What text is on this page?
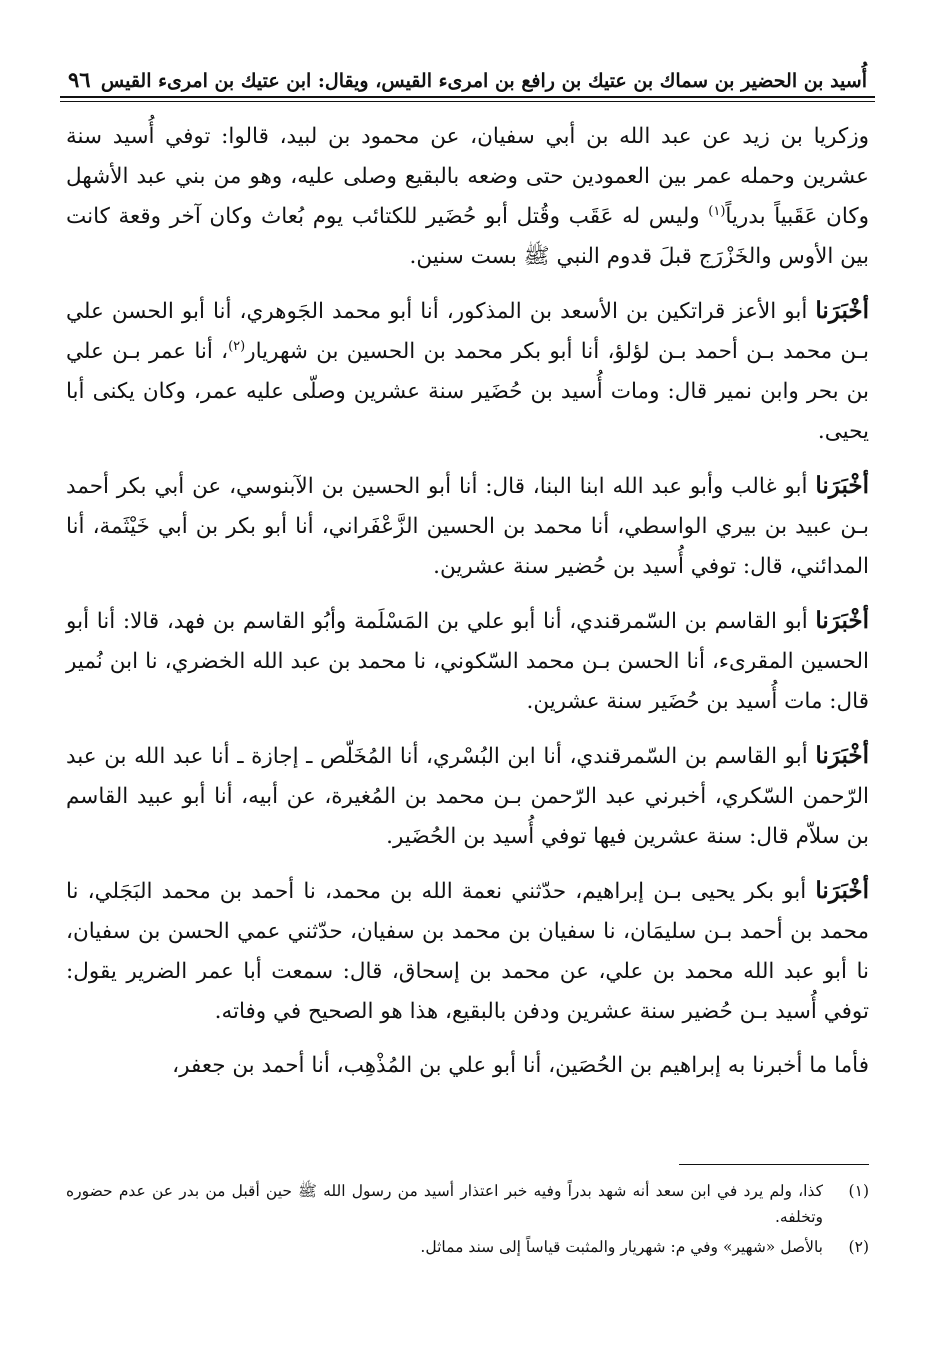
أُسيد بن الحضير بن سماك بن عتيك بن رافع بن امرىء القيس، ويقال: ابن عتيك بن امرىء القيس
٩٦

وزكريا بن زيد عن عبد الله بن أبي سفيان، عن محمود بن لبيد، قالوا: توفي أُسيد سنة عشرين وحمله عمر بين العمودين حتى وضعه بالبقيع وصلى عليه، وهو من بني عبد الأشهل وكان عَقَبياً بدرياً$^{(١)}$ وليس له عَقَب وقُتل أبو حُضَير للكتائب يوم بُعاث وكان آخر وقعة كانت بين الأوس والخَزْرَج قبلَ قدوم النبي ﷺ بست سنين.

أخْبَرَنا أبو الأعز قراتكين بن الأسعد بن المذكور، أنا أبو محمد الجَوهري، أنا أبو الحسن علي بـن محمد بـن أحمد بـن لؤلؤ، أنا أبو بكر محمد بن الحسين بن شهريار$^{(٢)}$، أنا عمر بـن علي بن بحر وابن نمير قال: ومات أُسيد بن حُضَير سنة عشرين وصلّى عليه عمر، وكان يكنى أبا يحيى.

أخْبَرَنا أبو غالب وأبو عبد الله ابنا البنا، قال: أنا أبو الحسين بن الآبنوسي، عن أبي بكر أحمد بـن عبيد بن بيري الواسطي، أنا محمد بن الحسين الزَّعْفَراني، أنا أبو بكر بن أبي خَيْثَمة، أنا المدائني، قال: توفي أُسيد بن حُضير سنة عشرين.

أخْبَرَنا أبو القاسم بن السّمرقندي، أنا أبو علي بن المَسْلَمة وأبُو القاسم بن فهد، قالا: أنا أبو الحسين المقرىء، أنا الحسن بـن محمد السّكوني، نا محمد بن عبد الله الخضري، نا ابن نُمير قال: مات أُسيد بن حُضَير سنة عشرين.

أخْبَرَنا أبو القاسم بن السّمرقندي، أنا ابن البُسْري، أنا المُخَلّص ـ إجازة ـ أنا عبد الله بن عبد الرّحمن السّكري، أخبرني عبد الرّحمن بـن محمد بن المُغيرة، عن أبيه، أنا أبو عبيد القاسم بن سلاّم قال: سنة عشرين فيها توفي أُسيد بن الحُضَير.

أخْبَرَنا أبو بكر يحيى بـن إبراهيم، حدّثني نعمة الله بن محمد، نا أحمد بن محمد البَجَلي، نا محمد بن أحمد بـن سليمَان، نا سفيان بن محمد بن سفيان، حدّثني عمي الحسن بن سفيان، نا أبو عبد الله محمد بن علي، عن محمد بن إسحاق، قال: سمعت أبا عمر الضرير يقول: توفي أُسيد بـن حُضير سنة عشرين ودفن بالبقيع، هذا هو الصحيح في وفاته.

فأما ما أخبرنا به إبراهيم بن الحُصَين، أنا أبو علي بن المُذْهِب، أنا أحمد بن جعفر،

(١)
كذا، ولم يرد في ابن سعد أنه شهد بدراً وفيه خبر اعتذار أسيد من رسول الله ﷺ حين أقبل من بدر عن عدم حضوره وتخلفه.
(٢)
بالأصل «شهير» وفي م: شهريار والمثبت قياساً إلى سند مماثل.
